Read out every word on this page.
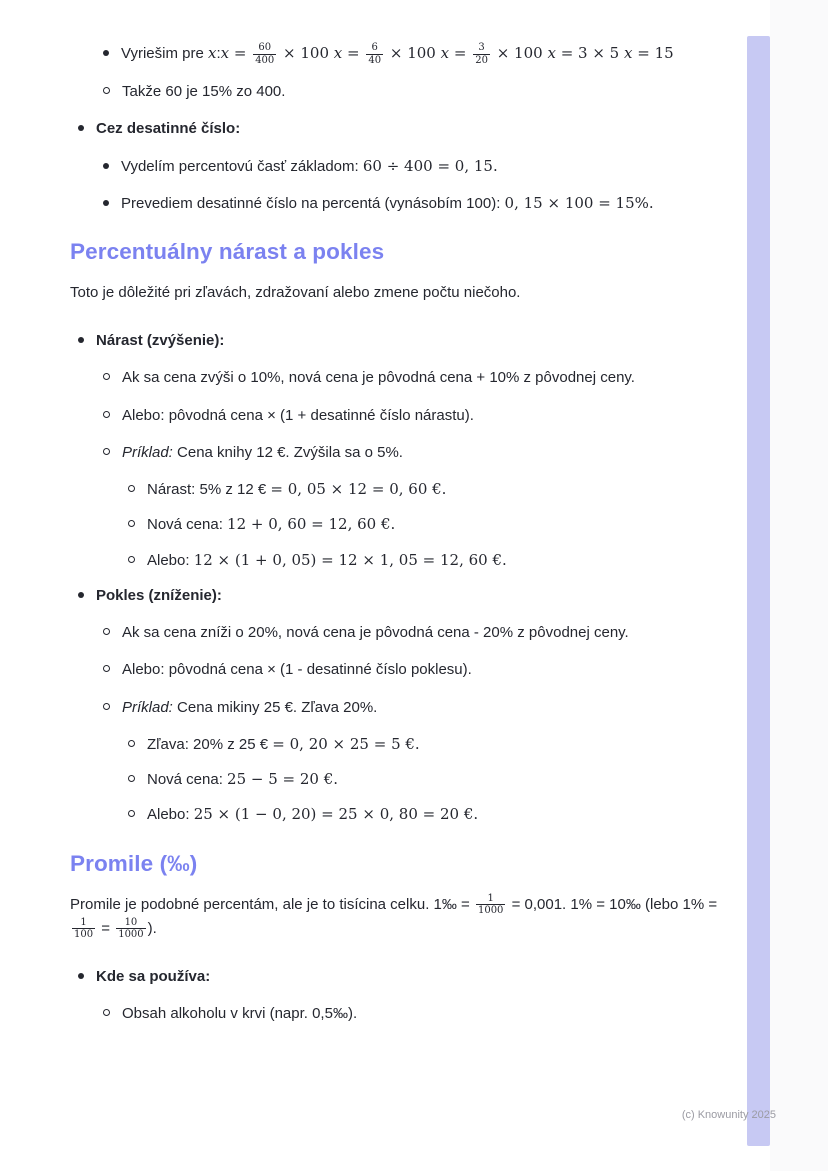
Vyriešim pre x:x = $\frac{60}{400} \times 100$ $x = \frac{6}{40} \times 100$ $x = \frac{3}{20} \times 100$ x = 3 × 5 x = 15
Takže 60 je 15% zo 400.
Cez desatinné číslo:
Vydelím percentovú časť základom: 60 ÷ 400 = 0, 15.
Prevediem desatinné číslo na percentá (vynásobím 100): 0, 15 × 100 = 15%.
Percentuálny nárast a pokles

Toto je dôležité pri zľavách, zdražovaní alebo zmene počtu niečoho.

Nárast (zvýšenie):
Ak sa cena zvýši o 10%, nová cena je pôvodná cena + 10% z pôvodnej ceny.
Alebo: pôvodná cena × (1 + desatinné číslo nárastu).
Príklad: Cena knihy 12 €. Zvýšila sa o 5%.
Nárast: 5% z 12 € = 0, 05 × 12 = 0, 60 €.
Nová cena: 12 + 0, 60 = 12, 60 €.
Alebo: 12 × (1 + 0, 05) = 12 × 1, 05 = 12, 60 €.
Pokles (zníženie):
Ak sa cena zníži o 20%, nová cena je pôvodná cena - 20% z pôvodnej ceny.
Alebo: pôvodná cena × (1 - desatinné číslo poklesu).
Príklad: Cena mikiny 25 €. Zľava 20%.
Zľava: 20% z 25 € = 0, 20 × 25 = 5 €.
Nová cena: 25 − 5 = 20 €.
Alebo: 25 × (1 − 0, 20) = 25 × 0, 80 = 20 €.
Promile (‰)

Promile je podobné percentám, ale je to tisícina celku. 1‰ = $\frac{1}{1000} = 0,001$. 1% = 10‰ (lebo 1% =
$\frac{1}{100} = \frac{10}{1000}$ ).

Kde sa používa:
Obsah alkoholu v krvi (napr. 0,5‰).
(c) Knowunity 2025
